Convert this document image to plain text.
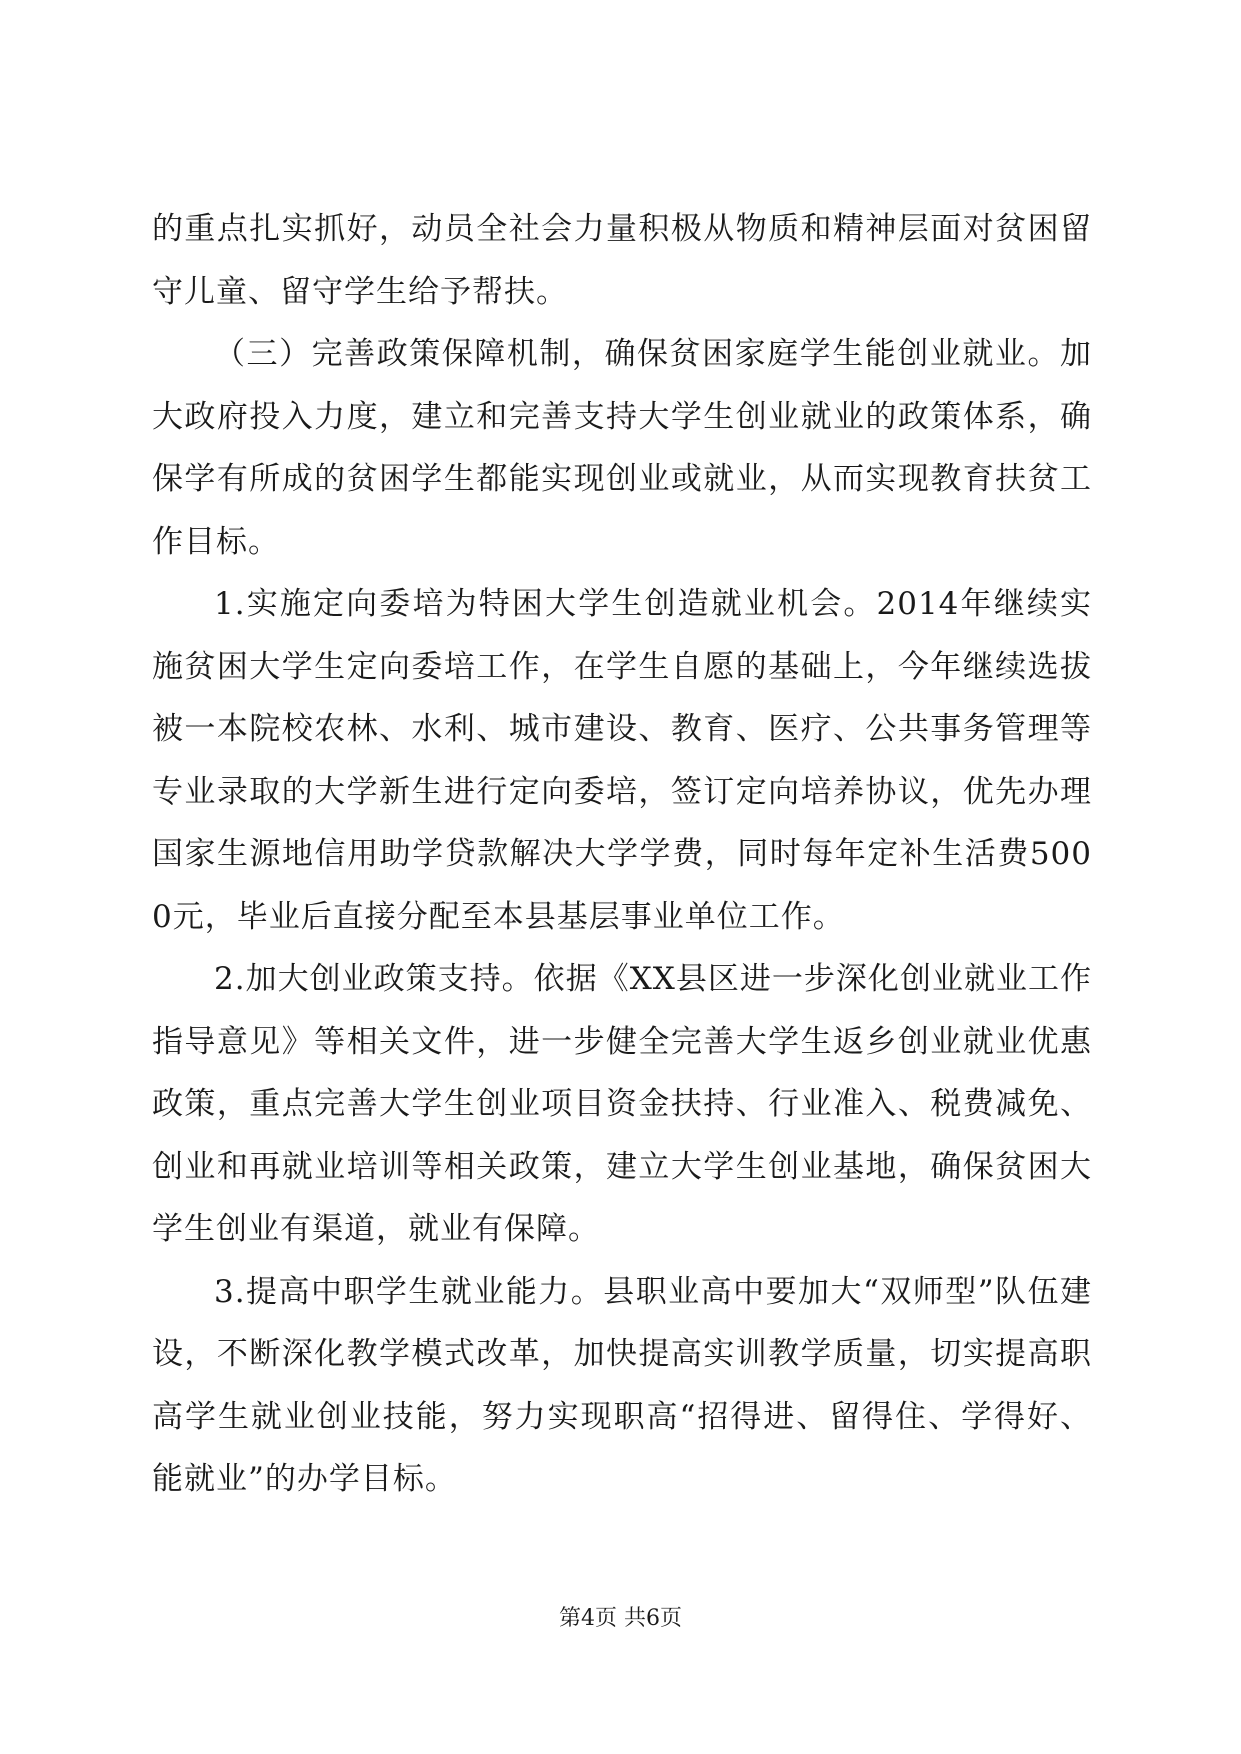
的重点扎实抓好，动员全社会力量积极从物质和精神层面对贫困留守儿童、留守学生给予帮扶。

（三）完善政策保障机制，确保贫困家庭学生能创业就业。加大政府投入力度，建立和完善支持大学生创业就业的政策体系，确保学有所成的贫困学生都能实现创业或就业，从而实现教育扶贫工作目标。

1.实施定向委培为特困大学生创造就业机会。2014年继续实施贫困大学生定向委培工作，在学生自愿的基础上，今年继续选拔被一本院校农林、水利、城市建设、教育、医疗、公共事务管理等专业录取的大学新生进行定向委培，签订定向培养协议，优先办理国家生源地信用助学贷款解决大学学费，同时每年定补生活费5000元，毕业后直接分配至本县基层事业单位工作。

2.加大创业政策支持。依据《XX县区进一步深化创业就业工作指导意见》等相关文件，进一步健全完善大学生返乡创业就业优惠政策，重点完善大学生创业项目资金扶持、行业准入、税费减免、创业和再就业培训等相关政策，建立大学生创业基地，确保贫困大学生创业有渠道，就业有保障。

3.提高中职学生就业能力。县职业高中要加大“双师型”队伍建设，不断深化教学模式改革，加快提高实训教学质量，切实提高职高学生就业创业技能，努力实现职高“招得进、留得住、学得好、能就业”的办学目标。

第4页 共6页
